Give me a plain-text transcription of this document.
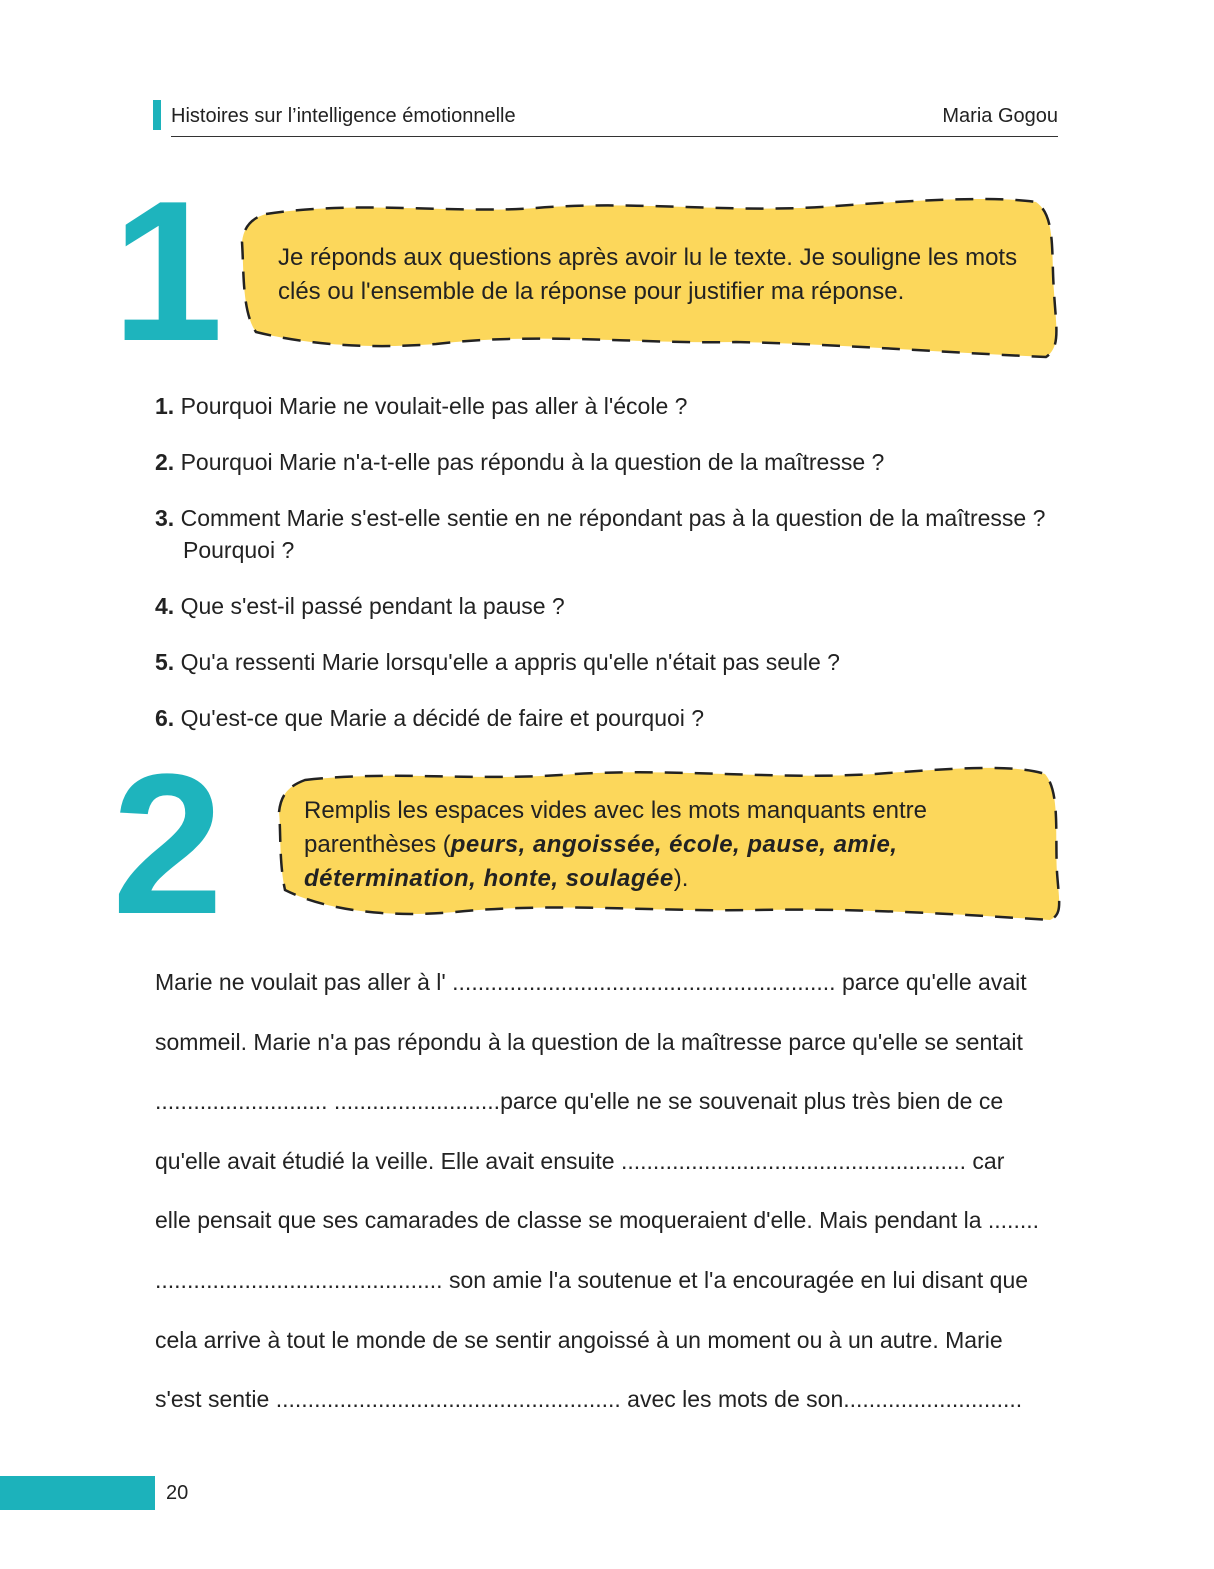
Histoires sur l’intelligence émotionnelle	Maria Gogou
1 Je réponds aux questions après avoir lu le texte. Je souligne les mots
clés ou l'ensemble de la réponse pour justifier ma réponse.
1. Pourquoi Marie ne voulait-elle pas aller à l'école ?
2. Pourquoi Marie n'a-t-elle pas répondu à la question de la maîtresse ?
3. Comment Marie s'est-elle sentie en ne répondant pas à la question de la maîtresse ?
Pourquoi ?
4. Que s'est-il passé pendant la pause ?
5. Qu'a ressenti Marie lorsqu'elle a appris qu'elle n'était pas seule ?
6. Qu'est-ce que Marie a décidé de faire et pourquoi ?
2	Remplis les espaces vides avec les mots manquants entre
parenthèses (peurs, angoissée, école, pause, amie,
détermination, honte, soulagée).
Marie ne voulait pas aller à l' ............................................................ parce qu'elle avait
sommeil. Marie n'a pas répondu à la question de la maîtresse parce qu'elle se sentait
........................... ..........................parce qu'elle ne se souvenait plus très bien de ce
qu'elle avait étudié la veille. Elle avait ensuite ...................................................... car
elle pensait que ses camarades de classe se moqueraient d'elle. Mais pendant la ........
............................................. son amie l'a soutenue et l'a encouragée en lui disant que
cela arrive à tout le monde de se sentir angoissé à un moment ou à un autre. Marie
s'est sentie ...................................................... avec les mots de son............................
20
